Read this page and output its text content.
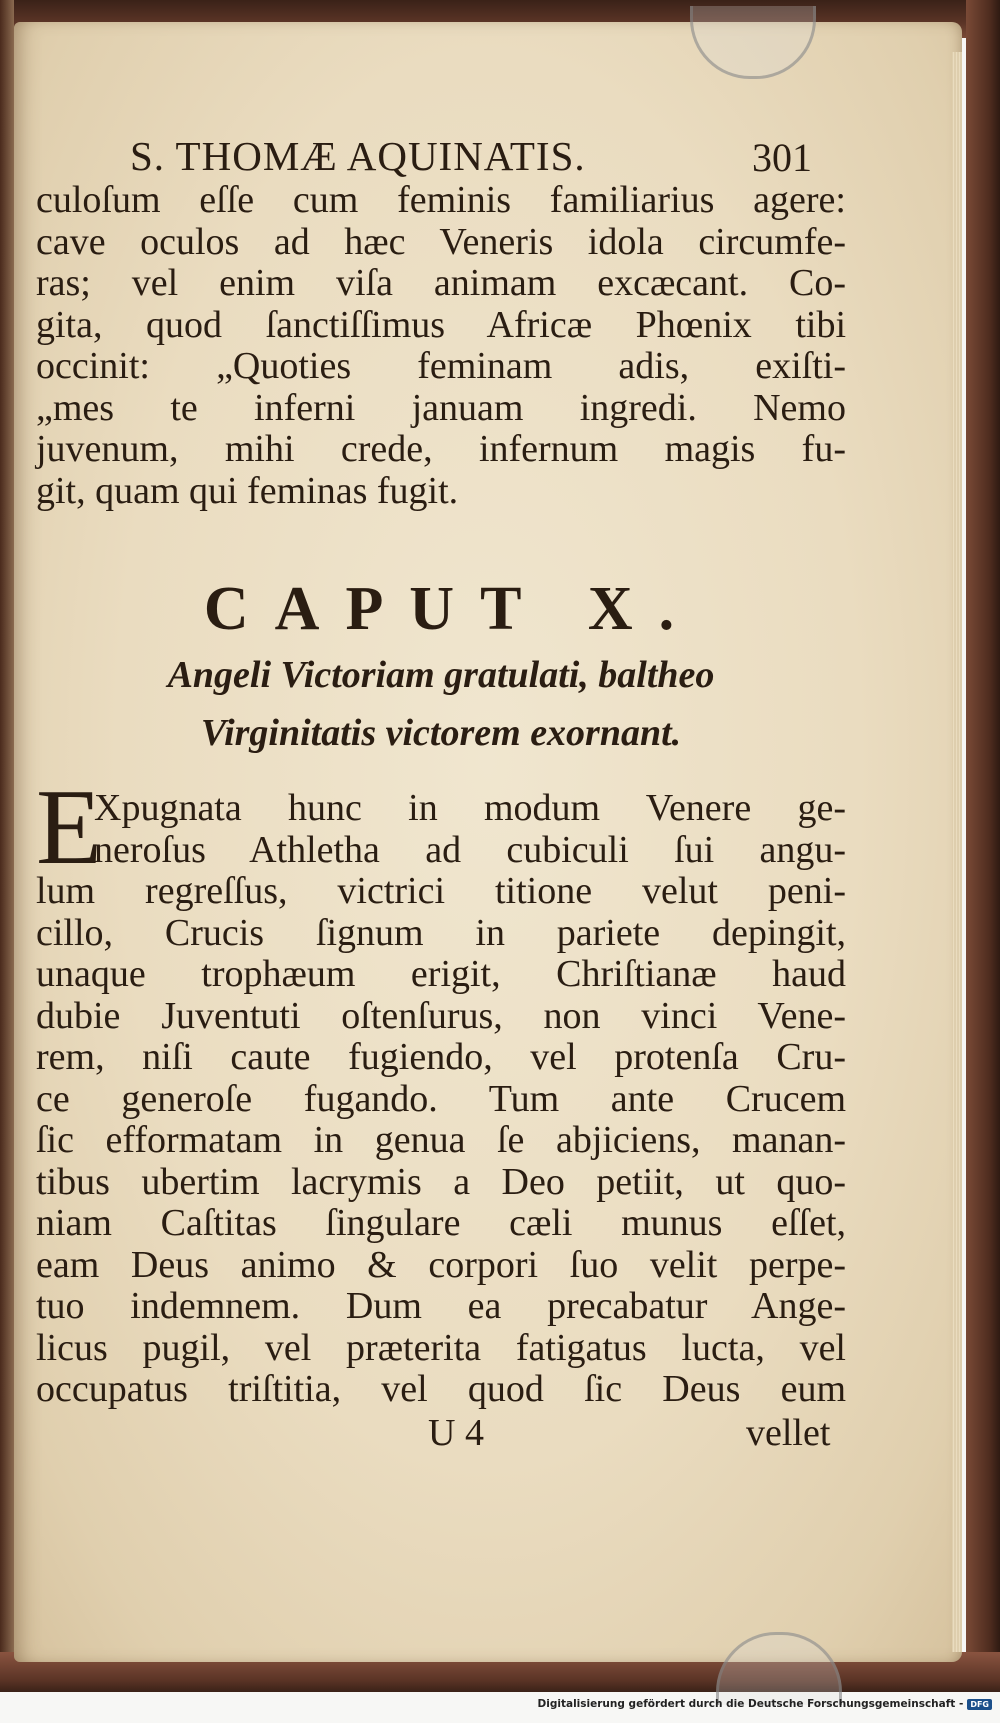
S. THOMÆ AQUINATIS.	301

culoſum eſſe cum feminis familiarius agere:

cave oculos ad hæc Veneris idola circumfe-

ras; vel enim viſa animam excæcant. Co-

gita, quod ſanctiſſimus Africæ Phœnix tibi

occinit: „Quoties feminam adis, exiſti-

„mes te inferni januam ingredi. Nemo

juvenum, mihi crede, infernum magis fu-

git, quam qui feminas fugit.

CAPUT X.
Angeli Victoriam gratulati, baltheo
Virginitatis victorem exornant.
E

Xpugnata hunc in modum Venere ge-

neroſus Athletha ad cubiculi ſui angu-

lum regreſſus, victrici titione velut peni-

cillo, Crucis ſignum in pariete depingit,

unaque trophæum erigit, Chriſtianæ haud

dubie Juventuti oſtenſurus, non vinci Vene-

rem, niſi caute fugiendo, vel protenſa Cru-

ce generoſe fugando. Tum ante Crucem

ſic efformatam in genua ſe abjiciens, manan-

tibus ubertim lacrymis a Deo petiit, ut quo-

niam Caſtitas ſingulare cæli munus eſſet,

eam Deus animo & corpori ſuo velit perpe-

tuo indemnem. Dum ea precabatur Ange-

licus pugil, vel præterita fatigatus lucta, vel

occupatus triſtitia, vel quod ſic Deus eum

U 4	vellet
Digitalisierung gefördert durch die Deutsche Forschungsgemeinschaft - DFG
